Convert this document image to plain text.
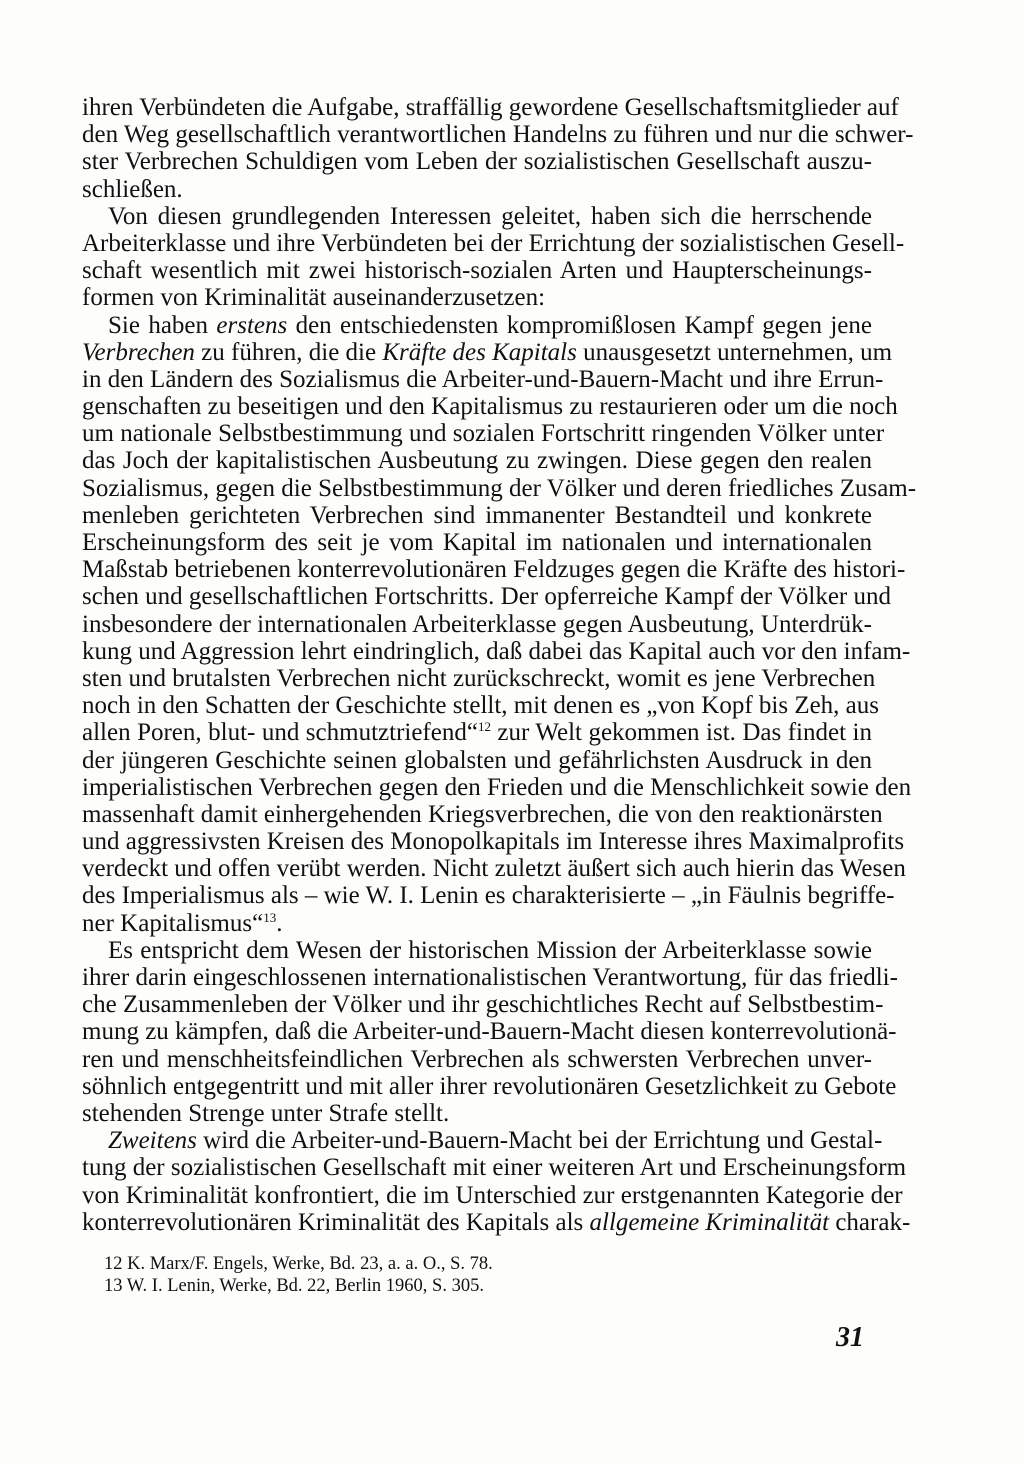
ihren Verbündeten die Aufgabe, straffällig gewordene Gesellschaftsmitglieder auf
den Weg gesellschaftlich verantwortlichen Handelns zu führen und nur die schwer-
ster Verbrechen Schuldigen vom Leben der sozialistischen Gesellschaft auszu-
schließen.
Von diesen grundlegenden Interessen geleitet, haben sich die herrschende
Arbeiterklasse und ihre Verbündeten bei der Errichtung der sozialistischen Gesell-
schaft wesentlich mit zwei historisch-sozialen Arten und Haupterscheinungs-
formen von Kriminalität auseinanderzusetzen:
Sie haben erstens den entschiedensten kompromißlosen Kampf gegen jene
Verbrechen zu führen, die die Kräfte des Kapitals unausgesetzt unternehmen, um
in den Ländern des Sozialismus die Arbeiter-und-Bauern-Macht und ihre Errun-
genschaften zu beseitigen und den Kapitalismus zu restaurieren oder um die noch
um nationale Selbstbestimmung und sozialen Fortschritt ringenden Völker unter
das Joch der kapitalistischen Ausbeutung zu zwingen. Diese gegen den realen
Sozialismus, gegen die Selbstbestimmung der Völker und deren friedliches Zusam-
menleben gerichteten Verbrechen sind immanenter Bestandteil und konkrete
Erscheinungsform des seit je vom Kapital im nationalen und internationalen
Maßstab betriebenen konterrevolutionären Feldzuges gegen die Kräfte des histori-
schen und gesellschaftlichen Fortschritts. Der opferreiche Kampf der Völker und
insbesondere der internationalen Arbeiterklasse gegen Ausbeutung, Unterdrük-
kung und Aggression lehrt eindringlich, daß dabei das Kapital auch vor den infam-
sten und brutalsten Verbrechen nicht zurückschreckt, womit es jene Verbrechen
noch in den Schatten der Geschichte stellt, mit denen es „von Kopf bis Zeh, aus
allen Poren, blut- und schmutztriefend“$^{12}$ zur Welt gekommen ist. Das findet in
der jüngeren Geschichte seinen globalsten und gefährlichsten Ausdruck in den
imperialistischen Verbrechen gegen den Frieden und die Menschlichkeit sowie den
massenhaft damit einhergehenden Kriegsverbrechen, die von den reaktionärsten
und aggressivsten Kreisen des Monopolkapitals im Interesse ihres Maximalprofits
verdeckt und offen verübt werden. Nicht zuletzt äußert sich auch hierin das Wesen
des Imperialismus als – wie W. I. Lenin es charakterisierte – „in Fäulnis begriffe-
ner Kapitalismus“$^{13}$.
Es entspricht dem Wesen der historischen Mission der Arbeiterklasse sowie
ihrer darin eingeschlossenen internationalistischen Verantwortung, für das friedli-
che Zusammenleben der Völker und ihr geschichtliches Recht auf Selbstbestim-
mung zu kämpfen, daß die Arbeiter-und-Bauern-Macht diesen konterrevolutionä-
ren und menschheitsfeindlichen Verbrechen als schwersten Verbrechen unver-
söhnlich entgegentritt und mit aller ihrer revolutionären Gesetzlichkeit zu Gebote
stehenden Strenge unter Strafe stellt.
Zweitens wird die Arbeiter-und-Bauern-Macht bei der Errichtung und Gestal-
tung der sozialistischen Gesellschaft mit einer weiteren Art und Erscheinungsform
von Kriminalität konfrontiert, die im Unterschied zur erstgenannten Kategorie der
konterrevolutionären Kriminalität des Kapitals als allgemeine Kriminalität charak-
12 K. Marx/F. Engels, Werke, Bd. 23, a. a. O., S. 78.
13 W. I. Lenin, Werke, Bd. 22, Berlin 1960, S. 305.
31
